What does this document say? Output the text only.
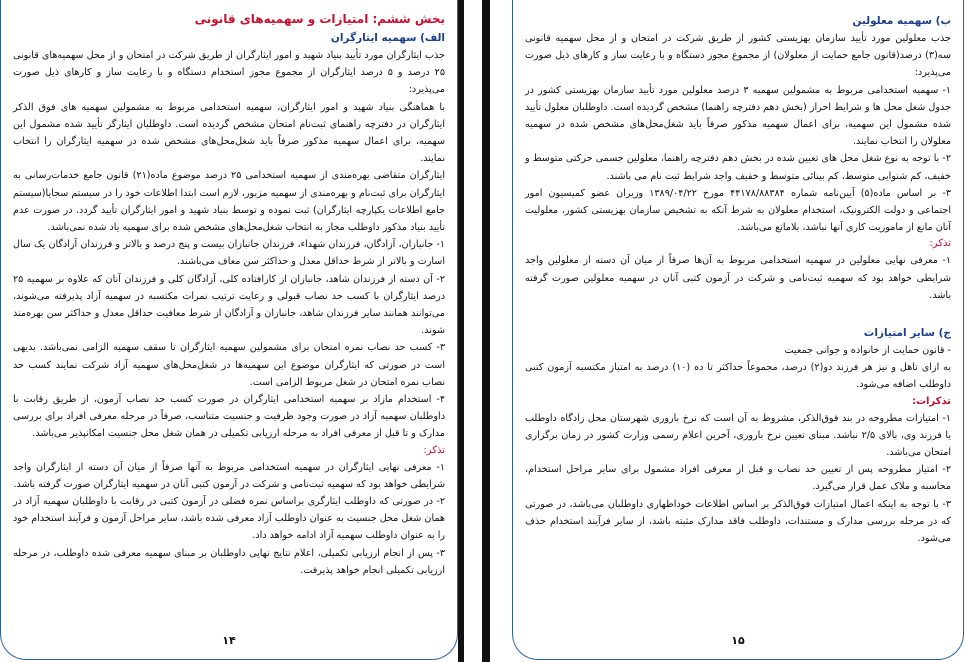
بخش ششم: امتیازات و سهمیه‌های قانونی
الف) سهمیه ایثارگران

جذب ایثارگران مورد تأیید بنیاد شهید و امور ایثارگران از طریق شرکت در امتحان و از محل سهمیه‌های قانونی ۲۵ درصد و ۵ درصد ایثارگران از مجموع مجوز استخدام دستگاه و با رعایت ساز و کارهای ذیل صورت می‌پذیرد:

با هماهنگی بنیاد شهید و امور ایثارگران، سهمیه استخدامی مربوط به مشمولین سهمیه های فوق الذکر ایثارگران در دفترچه راهنمای ثبت‌نام امتحان مشخص گردیده است. داوطلبان ایثارگر تأیید شده مشمول این سهمیه، برای اعمال سهمیه مذکور صرفاً باید شغل‌محل‌های مشخص شده در سهمیه ایثارگران را انتخاب نمایند.

ایثارگران متقاضی بهره‌مندی از سهمیه استخدامی ۲۵ درصد موضوع ماده(۲۱) قانون جامع خدمات‌رسانی به ایثارگران برای ثبت‌نام و بهره‌مندی از سهمیه مزبور، لازم است ابتدا اطلاعات خود را در سیستم سجایا(سیستم جامع اطلاعات یکپارچه ایثارگران) ثبت نموده و توسط بنیاد شهید و امور ایثارگران تأیید گردد. در صورت عدم تأیید بنیاد مذکور داوطلب مجاز به انتخاب شغل‌محل‌های مشخص شده برای سهمیه یاد شده نمی‌باشد.

۱- جانبازان، آزادگان، فرزندان شهداء، فرزندان جانبازان بیست و پنج درصد و بالاتر و فرزندان آزادگان یک سال اسارت و بالاتر از شرط حداقل معدل و حداکثر سن معاف می‌باشند.

۲- آن دسته از فرزندان شاهد، جانبازان از کارافتاده کلی، آزادگان کلی و فرزندان آنان که علاوه بر سهمیه ۲۵ درصد ایثارگران با کسب حد نصاب قبولی و رعایت ترتیب نمرات مکتسبه در سهمیه آزاد پذیرفته می‌شوند، می‌توانند همانند سایر فرزندان شاهد، جانبازان و آزادگان از شرط معافیت حداقل معدل و حداکثر سن بهره‌مند شوند.

۳- کسب حد نصاب نمره امتحان برای مشمولین سهمیه ایثارگران تا سقف سهمیه الزامی نمی‌باشد. بدیهی است در صورتی که ایثارگران موضوع این سهمیه‌ها در شغل‌محل‌های سهمیه آزاد شرکت نمایند کسب حد نصاب نمره امتحان در شغل مربوط الزامی است.

۴- استخدام مازاد بر سهمیه استخدامی ایثارگران در صورت کسب حد نصاب آزمون، از طریق رقابت با داوطلبان سهمیه آزاد در صورت وجود ظرفیت و جنسیت متناسب، صرفاً در مرحله معرفی افراد برای بررسی مدارک و تا قبل از معرفی افراد به مرحله ارزیابی تکمیلی در همان شغل محل جنسیت امکانپذیر می‌باشد.

تذکر:

۱- معرفی نهایی ایثارگران در سهمیه استخدامی مربوط به آنها صرفاً از میان آن دسته از ایثارگران واجد شرایطی خواهد بود که سهمیه ثبت‌نامی و شرکت در آزمون کتبی آنان در سهمیه ایثارگران صورت گرفته باشد.

۲- در صورتی که داوطلب ایثارگری براساس نمره فضلی در آزمون کتبی در رقابت با داوطلبان سهمیه آزاد در همان شغل محل جنسیت به عنوان داوطلب آزاد معرفی شده باشد، سایر مراحل آزمون و فرآیند استخدام خود را به عنوان داوطلب سهمیه آزاد ادامه خواهد داد.

۳- پس از انجام ارزیابی تکمیلی، اعلام نتایج نهایی داوطلبان بر مبنای سهمیه معرفی شده داوطلب، در مرحله ارزیابی تکمیلی انجام خواهد پذیرفت.

۱۴
ب) سهمیه معلولین

جذب معلولین مورد تأیید سازمان بهزیستی کشور از طریق شرکت در امتحان و از محل سهمیه قانونی سه(۳) درصد(قانون جامع حمایت از معلولان) از مجموع مجوز دستگاه و با رعایت ساز و کارهای ذیل صورت می‌پذیرد:

۱- سهمیه استخدامی مربوط به مشمولین سهمیه ۳ درصد معلولین مورد تأیید سازمان بهزیستی کشور در جدول شغل محل ها و شرایط احراز (بخش دهم دفترچه راهنما) مشخص گردیده است. داوطلبان معلول تأیید شده مشمول این سهمیه، برای اعمال سهمیه مذکور صرفاً باید شغل‌محل‌های مشخص شده در سهمیه معلولان را انتخاب نمایند.

۲- با توجه به نوع شغل محل های تعیین شده در بخش دهم دفترچه راهنما، معلولین جسمی حرکتی متوسط و خفیف، کم شنوایی متوسط، کم بینائی متوسط و خفیف واجد شرایط ثبت نام می باشند.

۳- بر اساس ماده(۵) آیین‌نامه شماره ۴۴۱۷۸/۸۸۳۸۴ مورخ ۱۳۸۹/۰۴/۲۲ وزیران عضو کمیسیون امور اجتماعی و دولت الکترونیک، استخدام معلولان به شرط آنکه به تشخیص سازمان بهزیستی کشور، معلولیت آنان مانع از ماموریت کاری آنها نباشد، بلامانع می‌باشد.

تذکر:

۱- معرفی نهایی معلولین در سهمیه استخدامی مربوط به آن‌ها صرفاً از میان آن دسته از معلولین واجد شرایطی خواهد بود که سهمیه ثبت‌نامی و شرکت در آزمون کتبی آنان در سهمیه معلولین صورت گرفته باشد.

ج) سایر امتیازات

- قانون حمایت از خانواده و جوانی جمعیت

به ازای تاهل و نیز هر فرزند دو(۲) درصد، مجموعاً حداکثر تا ده (۱۰) درصد به امتیاز مکتسبه آزمون کتبی داوطلب اضافه می‌شود.

تذکرات:

۱- امتیازات مطروحه در بند فوق‌الذکر، مشروط به آن است که نرخ باروری شهرستان محل زادگاه داوطلب یا فرزند وی، بالای ۲/۵ نباشد. مبنای تعیین نرخ باروری، آخرین اعلام رسمی وزارت کشور در زمان برگزاری امتحان می‌باشد.

۲- امتیاز مطروحه پس از تعیین حد نصاب و قبل از معرفی افراد مشمول برای سایر مراحل استخدام، محاسبه و ملاک عمل قرار می‌گیرد.

۳- با توجه به اینکه اعمال امتیازات فوق‌الذکر بر اساس اطلاعات خوداظهاری داوطلبان می‌باشد، در صورتی که در مرحله بررسی مدارک و مستندات، داوطلب فاقد مدارک مثبته باشد، از سایر فرآیند استخدام حذف می‌شود.

۱۵
